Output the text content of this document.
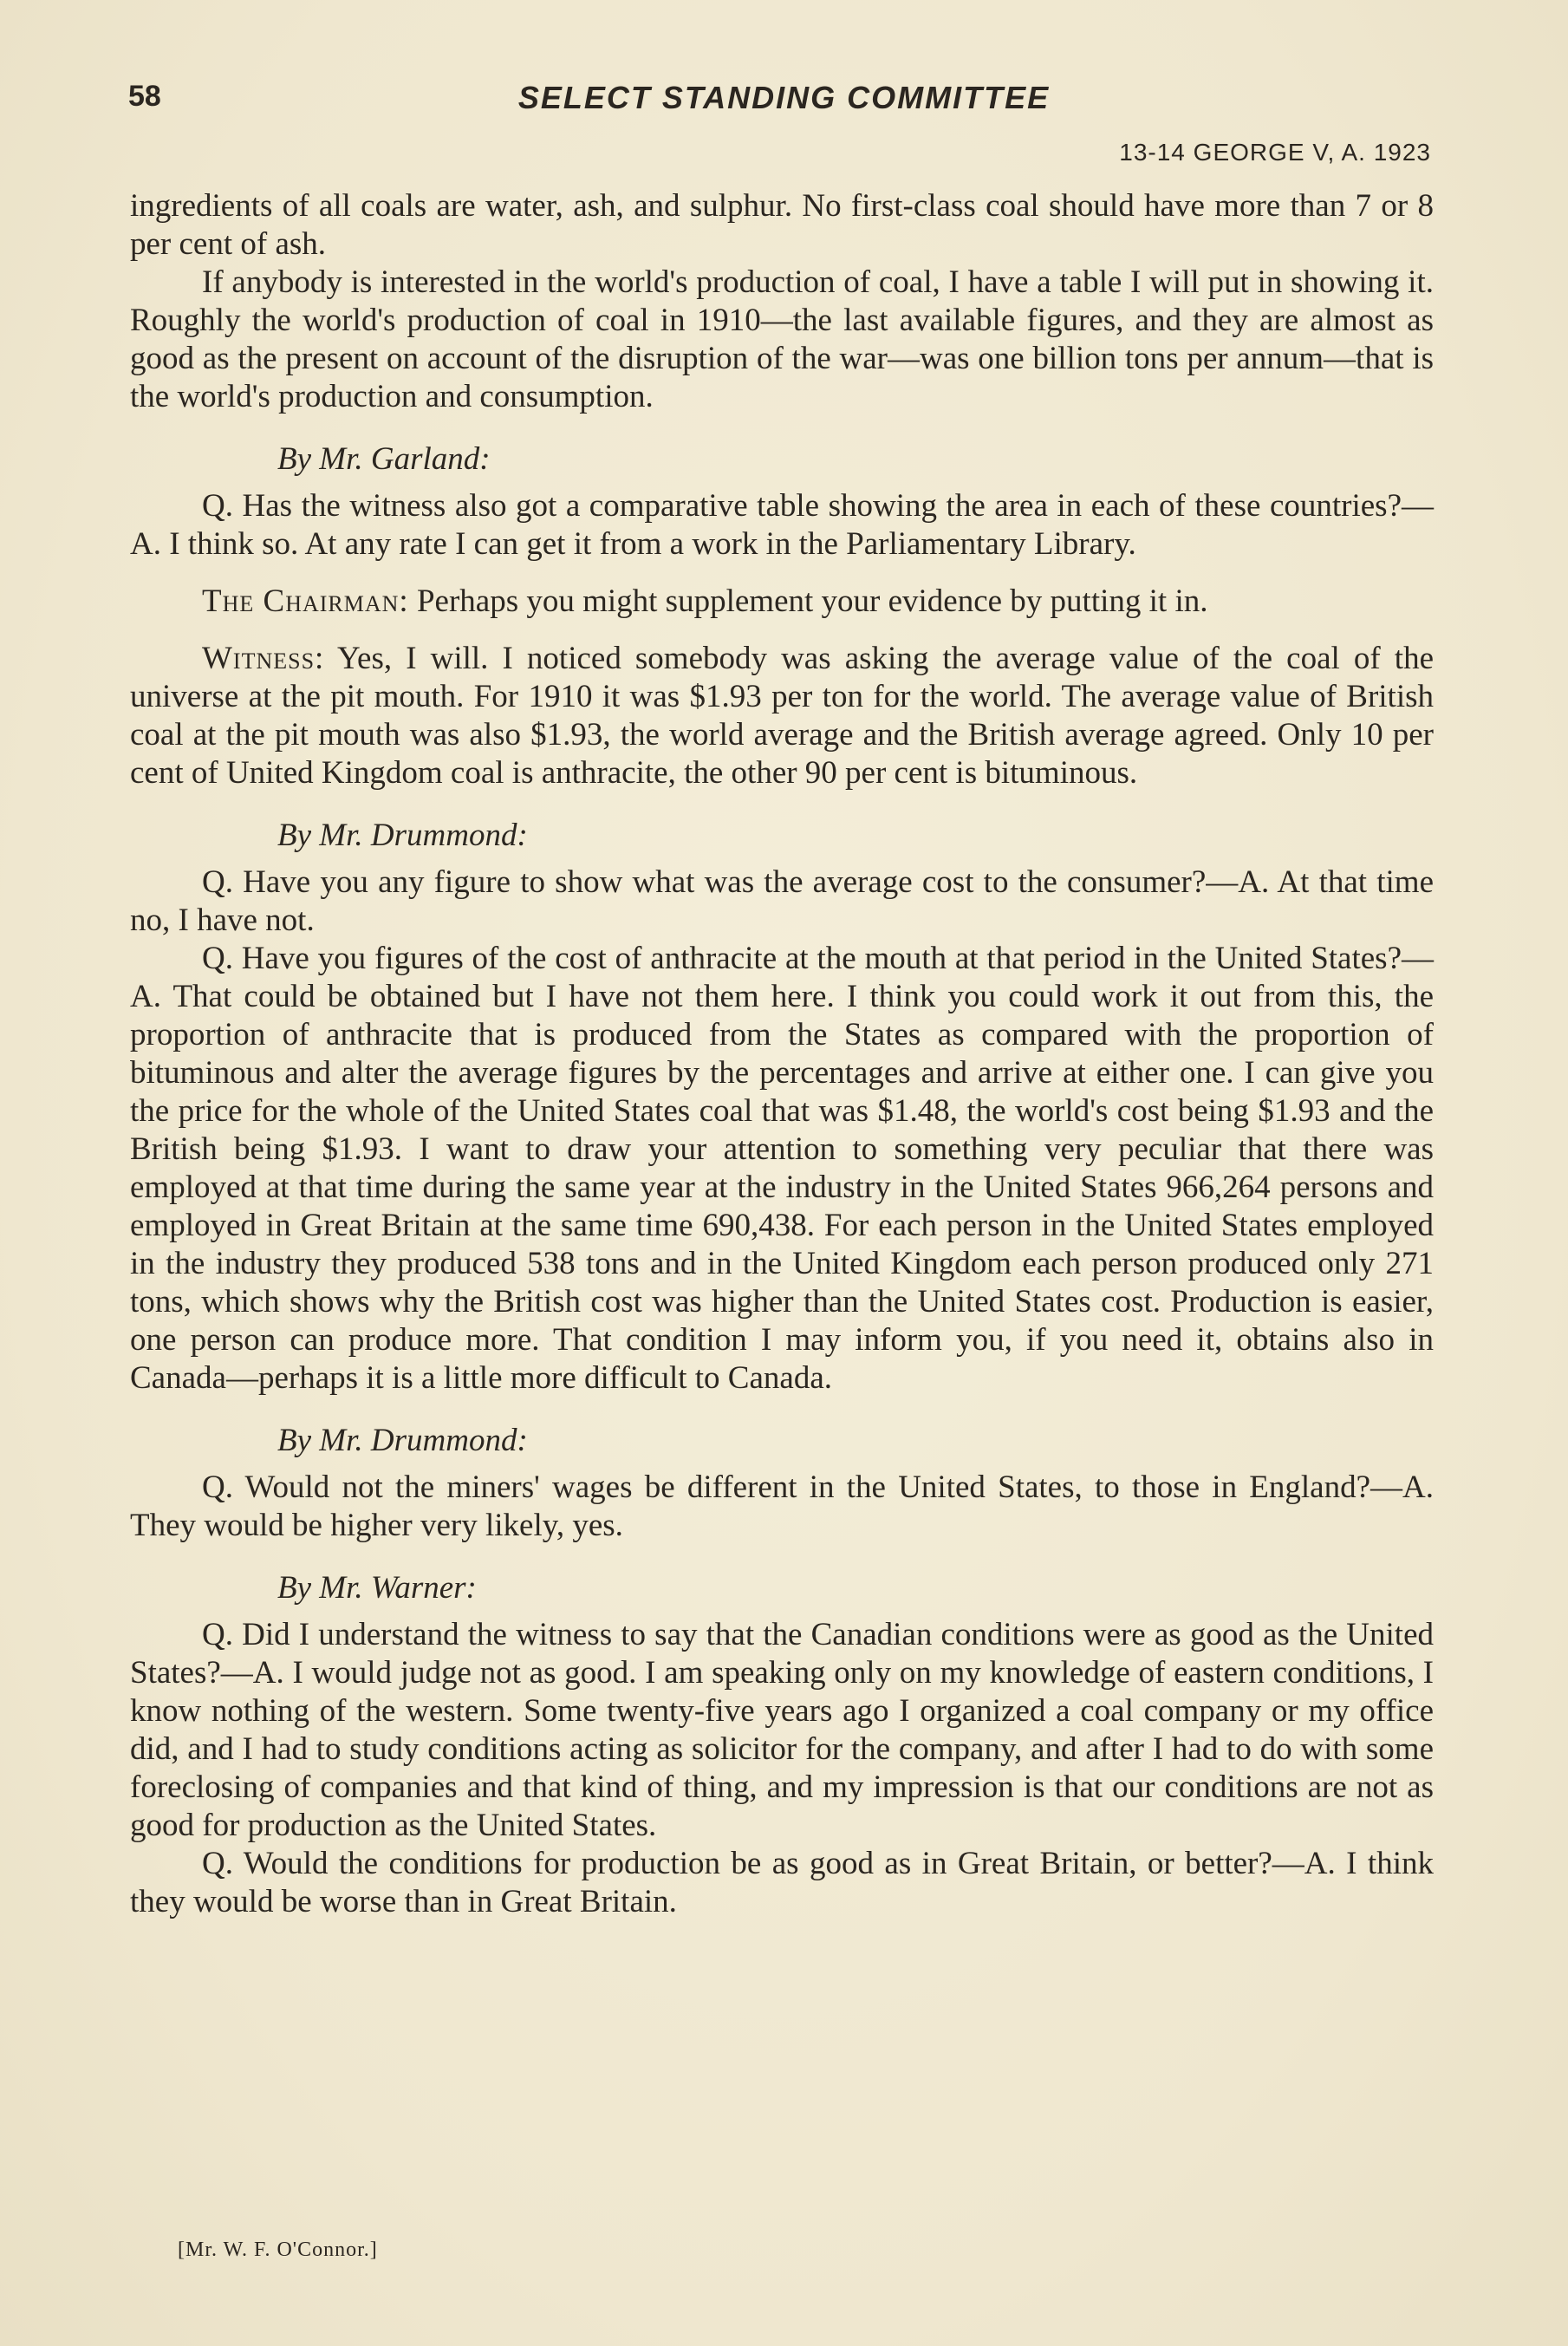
58	SELECT STANDING COMMITTEE
13-14 GEORGE V, A. 1923

ingredients of all coals are water, ash, and sulphur. No first-class coal should have more than 7 or 8 per cent of ash.

If anybody is interested in the world's production of coal, I have a table I will put in showing it. Roughly the world's production of coal in 1910—the last available figures, and they are almost as good as the present on account of the disruption of the war—was one billion tons per annum—that is the world's production and consumption.

By Mr. Garland:

Q. Has the witness also got a comparative table showing the area in each of these countries?—A. I think so. At any rate I can get it from a work in the Parliamentary Library.

The Chairman: Perhaps you might supplement your evidence by putting it in.

Witness: Yes, I will. I noticed somebody was asking the average value of the coal of the universe at the pit mouth. For 1910 it was $1.93 per ton for the world. The average value of British coal at the pit mouth was also $1.93, the world average and the British average agreed. Only 10 per cent of United Kingdom coal is anthracite, the other 90 per cent is bituminous.

By Mr. Drummond:

Q. Have you any figure to show what was the average cost to the consumer?—A. At that time no, I have not.

Q. Have you figures of the cost of anthracite at the mouth at that period in the United States?—A. That could be obtained but I have not them here. I think you could work it out from this, the proportion of anthracite that is produced from the States as compared with the proportion of bituminous and alter the average figures by the percentages and arrive at either one. I can give you the price for the whole of the United States coal that was $1.48, the world's cost being $1.93 and the British being $1.93. I want to draw your attention to something very peculiar that there was employed at that time during the same year at the industry in the United States 966,264 persons and employed in Great Britain at the same time 690,438. For each person in the United States employed in the industry they produced 538 tons and in the United Kingdom each person produced only 271 tons, which shows why the British cost was higher than the United States cost. Production is easier, one person can produce more. That condition I may inform you, if you need it, obtains also in Canada—perhaps it is a little more difficult to Canada.

By Mr. Drummond:

Q. Would not the miners' wages be different in the United States, to those in England?—A. They would be higher very likely, yes.

By Mr. Warner:

Q. Did I understand the witness to say that the Canadian conditions were as good as the United States?—A. I would judge not as good. I am speaking only on my knowledge of eastern conditions, I know nothing of the western. Some twenty-five years ago I organized a coal company or my office did, and I had to study conditions acting as solicitor for the company, and after I had to do with some foreclosing of companies and that kind of thing, and my impression is that our conditions are not as good for production as the United States.

Q. Would the conditions for production be as good as in Great Britain, or better?—A. I think they would be worse than in Great Britain.

[Mr. W. F. O'Connor.]
